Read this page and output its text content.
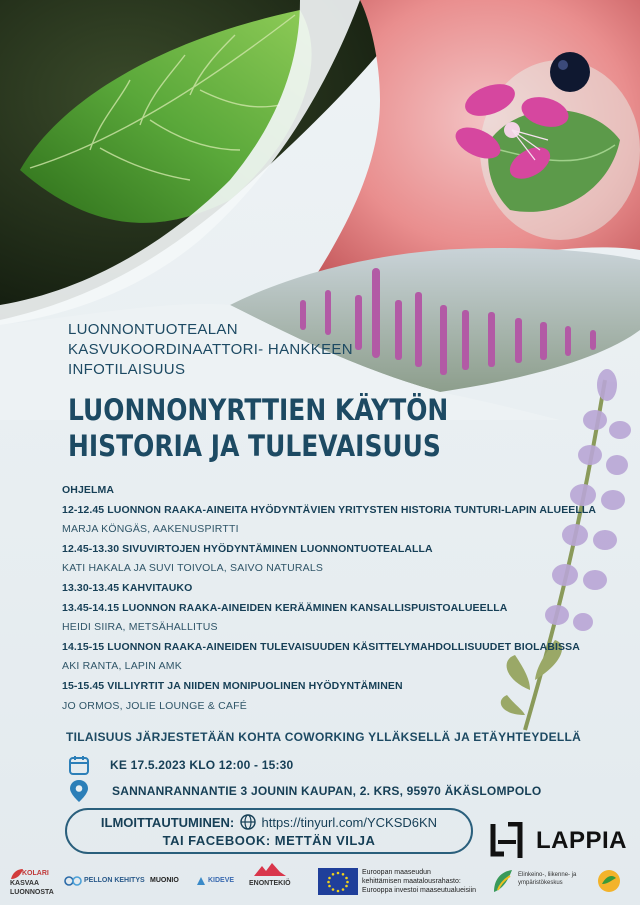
LUONNONTUOTEALAN
KASVUKOORDINAATTORI- HANKKEEN
INFOTILAISUUS
LUONNONYRTTIEN KÄYTÖN
HISTORIA JA TULEVAISUUS
OHJELMA
12-12.45 LUONNON RAAKA-AINEITA HYÖDYNTÄVIEN YRITYSTEN HISTORIA TUNTURI-LAPIN ALUEELLA
MARJA KÖNGÄS, AAKENUSPIRTTI
12.45-13.30 SIVUVIRTOJEN HYÖDYNTÄMINEN LUONNONTUOTEALALLA
KATI HAKALA JA SUVI TOIVOLA, SAIVO NATURALS
13.30-13.45 KAHVITAUKO
13.45-14.15 LUONNON RAAKA-AINEIDEN KERÄÄMINEN KANSALLISPUISTOALUEELLA
HEIDI SIIRA, METSÄHALLITUS
14.15-15 LUONNON RAAKA-AINEIDEN TULEVAISUUDEN KÄSITTELYMAHDOLLISUUDET BIOLABISSA
AKI RANTA, LAPIN AMK
15-15.45 VILLIYRTIT JA NIIDEN MONIPUOLINEN HYÖDYNTÄMINEN
JO ORMOS, JOLIE LOUNGE & CAFÉ
TILAISUUS JÄRJESTETÄÄN KOHTA COWORKING YLLÄKSELLÄ JA ETÄYHTEYDELLÄ
KE 17.5.2023 KLO 12:00 - 15:30
SANNANRANNANTIE 3 JOUNIN KAUPAN, 2. KRS, 95970 ÄKÄSLOMPOLO
ILMOITTAUTUMINEN: https://tinyurl.com/YCKSD6KN
TAI FACEBOOK: METTÄN VILJA	LAPPIA
KOLARI
KASVAA
LUONNOSTA
PELLON KEHITYS MUONIO	KIDEVE ENONTEKIÖ
Elinkeino-, liikenne- ja
ympäristökeskus
Euroopan maaseudun
kehittämisen maatalousrahasto:
Eurooppa investoi maaseutualueisiin
